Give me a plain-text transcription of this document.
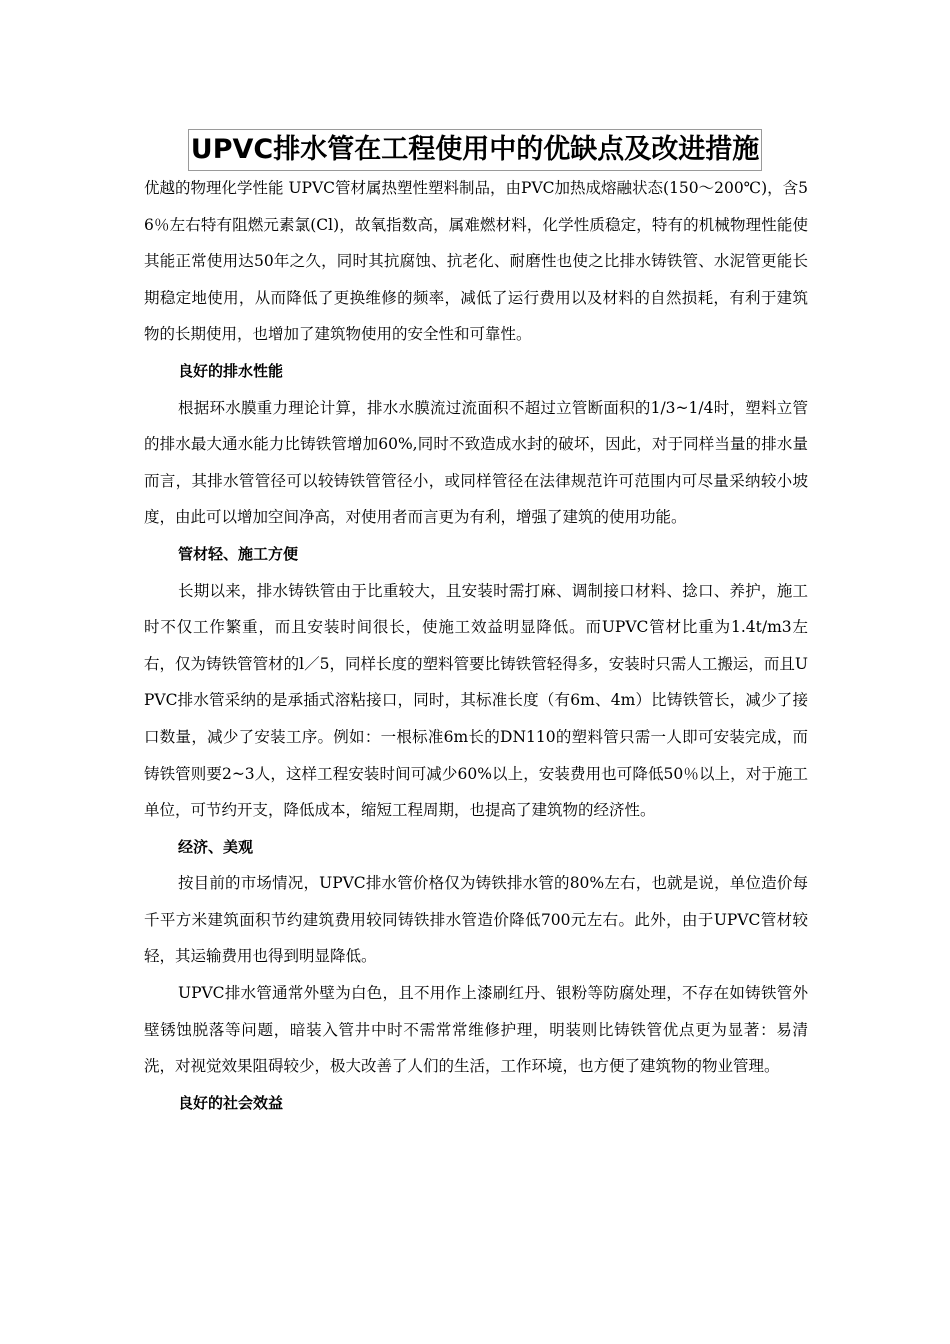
UPVC排水管在工程使用中的优缺点及改进措施

优越的物理化学性能 UPVC管材属热塑性塑料制品，由PVC加热成熔融状态(150～200℃)，含56％左右特有阻燃元素氯(Cl)，故氧指数高，属难燃材料，化学性质稳定，特有的机械物理性能使其能正常使用达50年之久，同时其抗腐蚀、抗老化、耐磨性也使之比排水铸铁管、水泥管更能长期稳定地使用，从而降低了更换维修的频率，减低了运行费用以及材料的自然损耗，有利于建筑物的长期使用，也增加了建筑物使用的安全性和可靠性。

良好的排水性能

根据环水膜重力理论计算，排水水膜流过流面积不超过立管断面积的1/3~1/4时，塑料立管的排水最大通水能力比铸铁管增加60%,同时不致造成水封的破坏，因此，对于同样当量的排水量而言，其排水管管径可以较铸铁管管径小，或同样管径在法律规范许可范围内可尽量采纳较小坡度，由此可以增加空间净高，对使用者而言更为有利，增强了建筑的使用功能。

管材轻、施工方便

长期以来，排水铸铁管由于比重较大，且安装时需打麻、调制接口材料、捻口、养护，施工时不仅工作繁重，而且安装时间很长，使施工效益明显降低。而UPVC管材比重为1.4t/m3左右，仅为铸铁管管材的l／5，同样长度的塑料管要比铸铁管轻得多，安装时只需人工搬运，而且UPVC排水管采纳的是承插式溶粘接口，同时，其标准长度（有6m、4m）比铸铁管长，减少了接口数量，减少了安装工序。例如：一根标准6m长的DN110的塑料管只需一人即可安装完成，而铸铁管则要2~3人，这样工程安装时间可减少60%以上，安装费用也可降低50％以上，对于施工单位，可节约开支，降低成本，缩短工程周期，也提高了建筑物的经济性。

经济、美观

按目前的市场情况，UPVC排水管价格仅为铸铁排水管的80%左右，也就是说，单位造价每千平方米建筑面积节约建筑费用较同铸铁排水管造价降低700元左右。此外，由于UPVC管材较轻，其运输费用也得到明显降低。

UPVC排水管通常外壁为白色，且不用作上漆刷红丹、银粉等防腐处理，不存在如铸铁管外壁锈蚀脱落等问题，暗装入管井中时不需常常维修护理，明装则比铸铁管优点更为显著：易清洗，对视觉效果阻碍较少，极大改善了人们的生活，工作环境，也方便了建筑物的物业管理。

良好的社会效益
